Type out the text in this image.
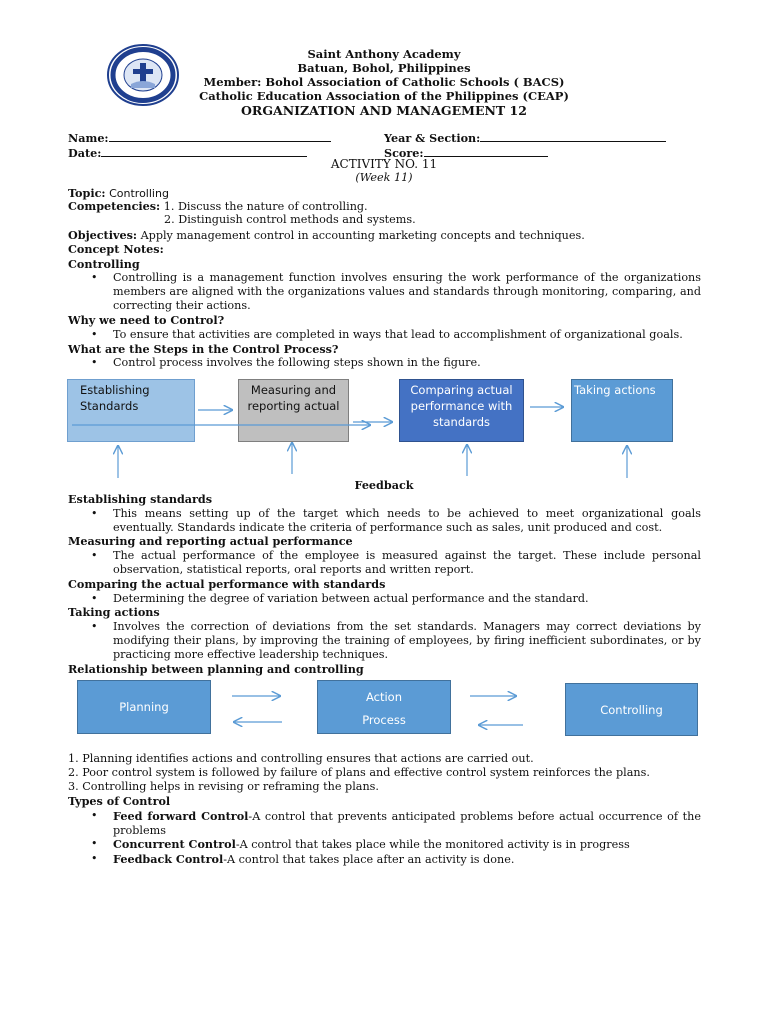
Saint Anthony Academy
Batuan, Bohol, Philippines
Member: Bohol Association of Catholic Schools ( BACS)
Catholic Education Association of the Philippines (CEAP)
ORGANIZATION AND MANAGEMENT 12
Name:	Year & Section:
Date:	Score:
ACTIVITY NO. 11
(Week 11)
Topic: Controlling
Competencies: 1. Discuss the nature of controlling.
2. Distinguish control methods and systems.
Objectives: Apply management control in accounting marketing concepts and techniques.
Concept Notes:
Controlling
• Controlling is a management function involves ensuring the work performance of the organizations members are aligned with the organizations values and standards through monitoring, comparing, and correcting their actions.
Why we need to Control?
• To ensure that activities are completed in ways that lead to accomplishment of organizational goals.
What are the Steps in the Control Process?
• Control process involves the following steps shown in the figure.
Establishing Standards
Measuring and reporting actual
Comparing actual performance with standards
Taking actions
Feedback
Establishing standards
• This means setting up of the target which needs to be achieved to meet organizational goals eventually. Standards indicate the criteria of performance such as sales, unit produced and cost.
Measuring and reporting actual performance
• The actual performance of the employee is measured against the target. These include personal observation, statistical reports, oral reports and written report.
Comparing the actual performance with standards
• Determining the degree of variation between actual performance and the standard.
Taking actions
• Involves the correction of deviations from the set standards. Managers may correct deviations by modifying their plans, by improving the training of employees, by firing inefficient subordinates, or by practicing more effective leadership techniques.
Relationship between planning and controlling
Planning
Action
Process
Controlling
1. Planning identifies actions and controlling ensures that actions are carried out.
2. Poor control system is followed by failure of plans and effective control system reinforces the plans.
3. Controlling helps in revising or reframing the plans.
Types of Control
• Feed forward Control-A control that prevents anticipated problems before actual occurrence of the problems
• Concurrent Control-A control that takes place while the monitored activity is in progress
• Feedback Control-A control that takes place after an activity is done.
